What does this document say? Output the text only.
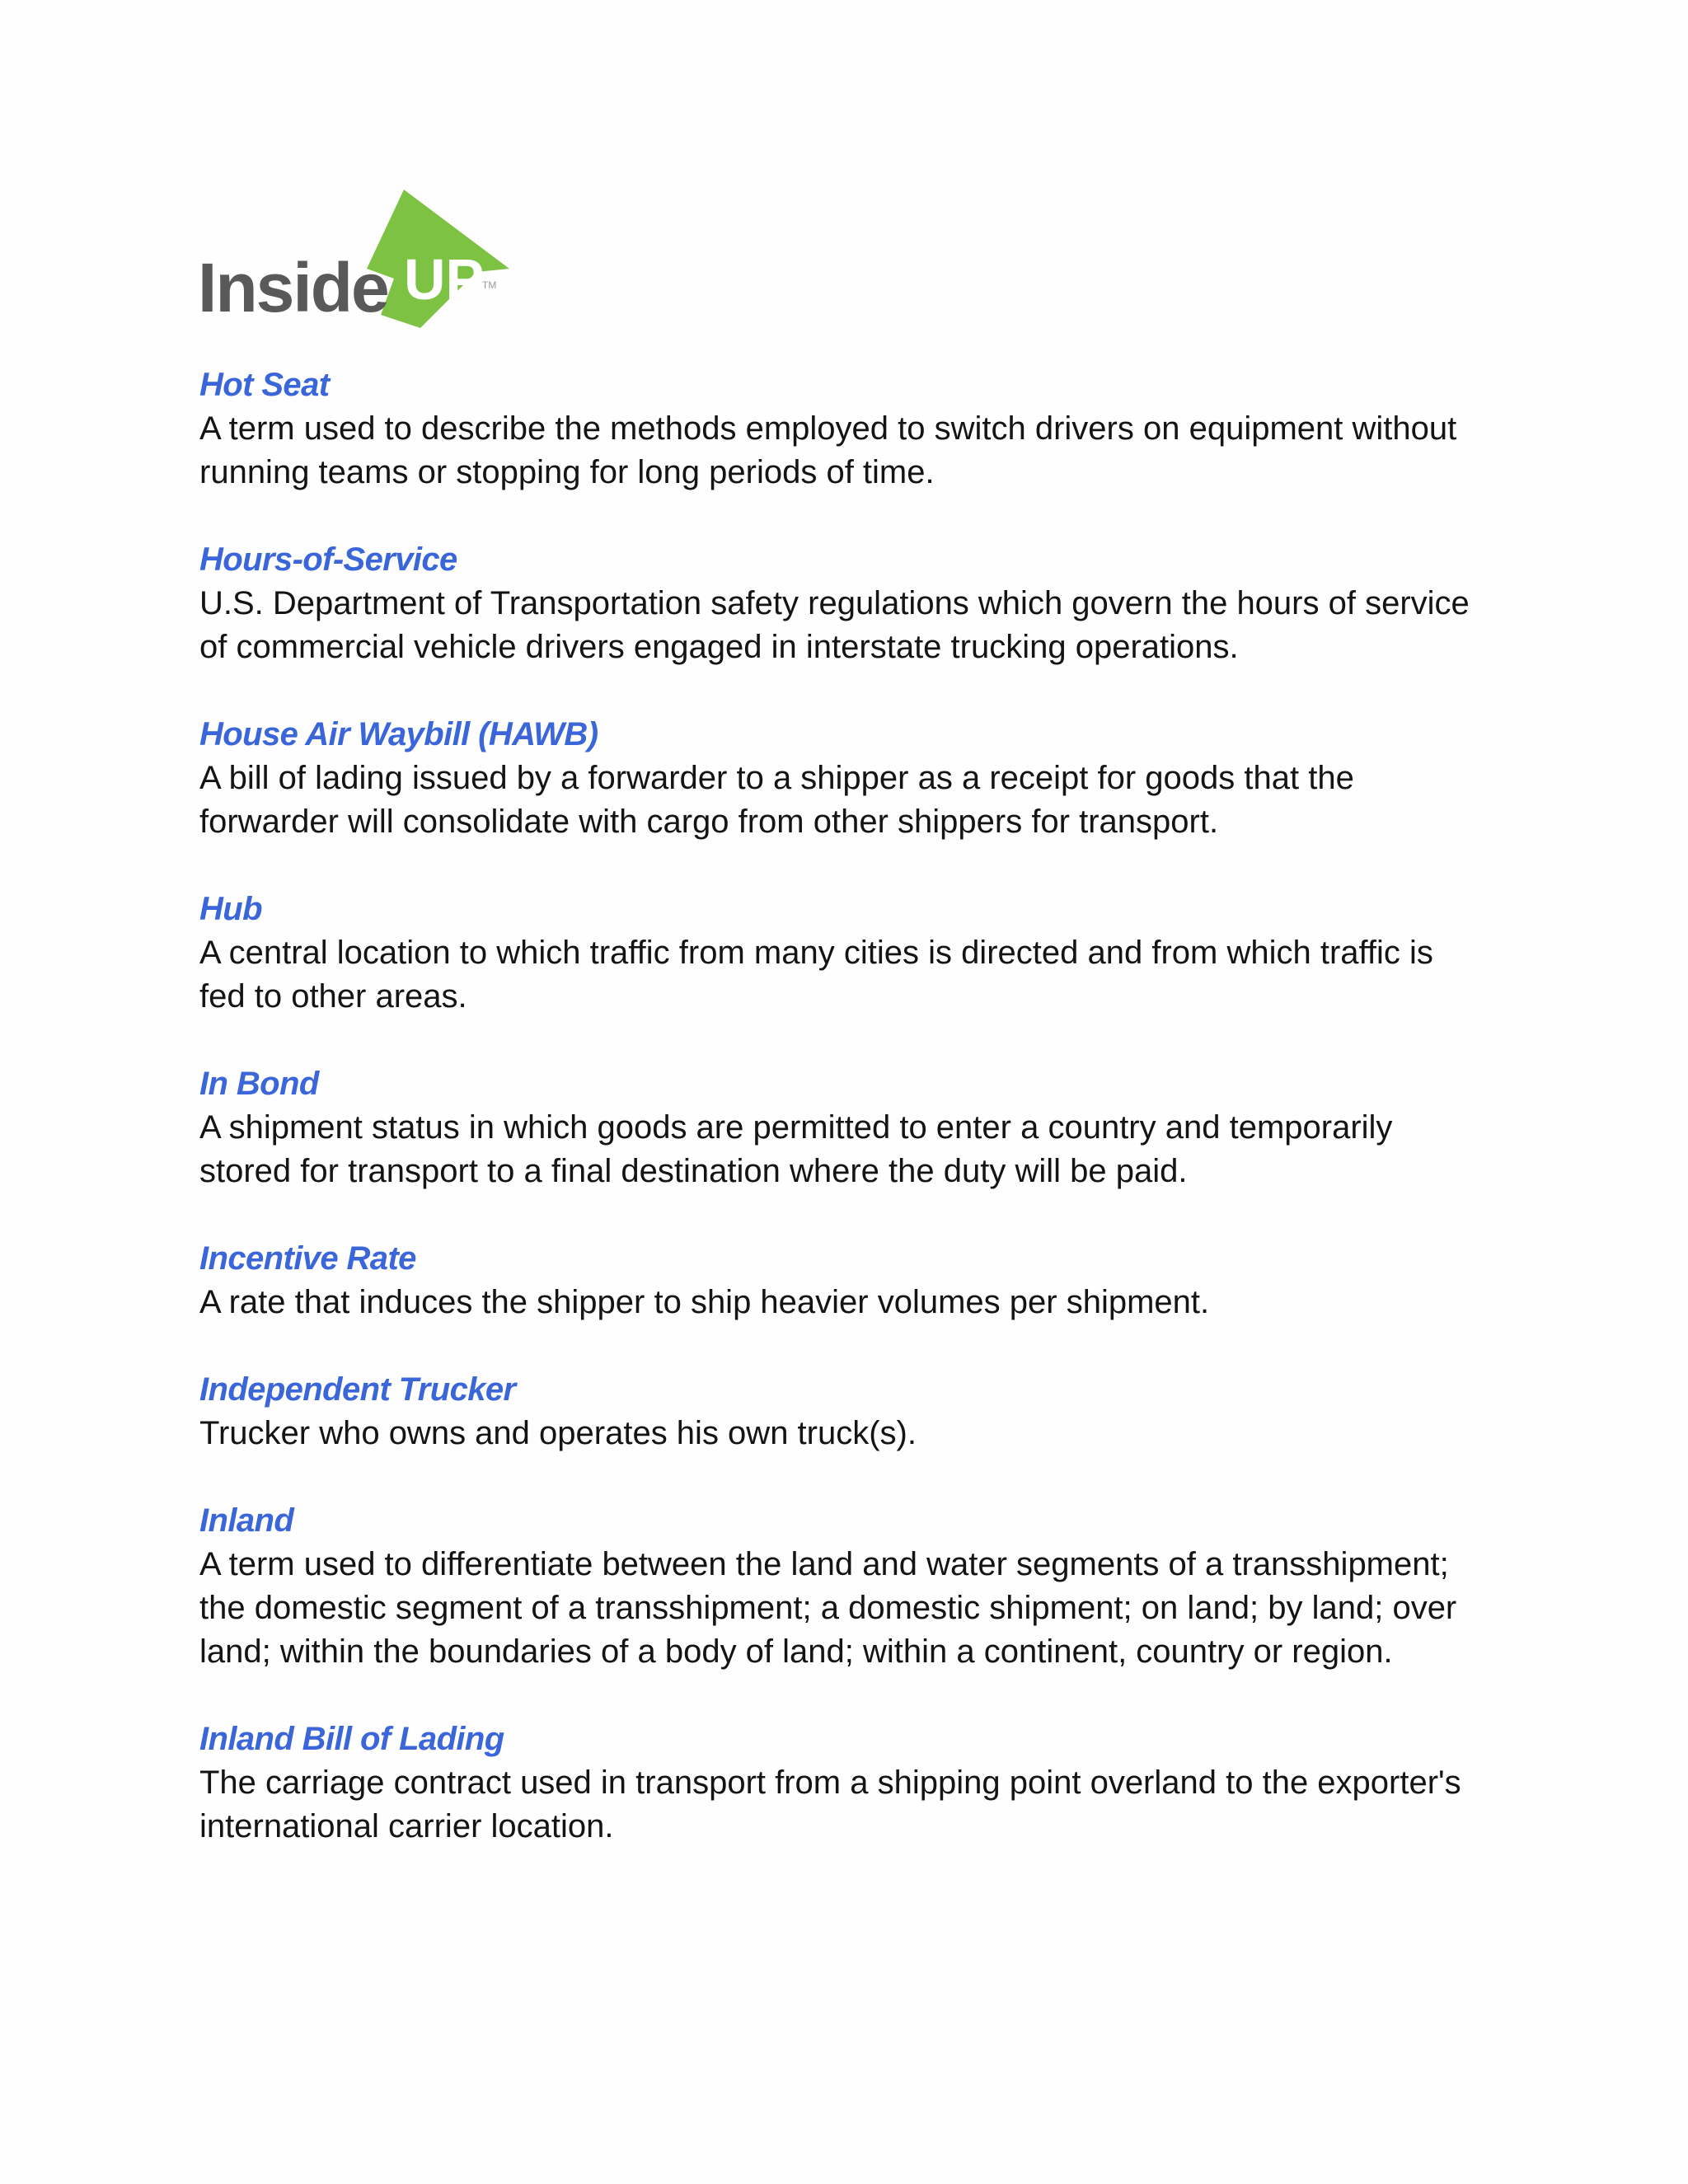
UP
TM
Inside

Hot Seat

A term used to describe the methods employed to switch drivers on equipment without running teams or stopping for long periods of time.

Hours-of-Service

U.S. Department of Transportation safety regulations which govern the hours of service of commercial vehicle drivers engaged in interstate trucking operations.

House Air Waybill (HAWB)

A bill of lading issued by a forwarder to a shipper as a receipt for goods that the forwarder will consolidate with cargo from other shippers for transport.

Hub

A central location to which traffic from many cities is directed and from which traffic is fed to other areas.

In Bond

A shipment status in which goods are permitted to enter a country and temporarily stored for transport to a final destination where the duty will be paid.

Incentive Rate

A rate that induces the shipper to ship heavier volumes per shipment.

Independent Trucker

Trucker who owns and operates his own truck(s).

Inland

A term used to differentiate between the land and water segments of a transshipment; the domestic segment of a transshipment; a domestic shipment; on land; by land; over land; within the boundaries of a body of land; within a continent, country or region.

Inland Bill of Lading

The carriage contract used in transport from a shipping point overland to the exporter's international carrier location.
